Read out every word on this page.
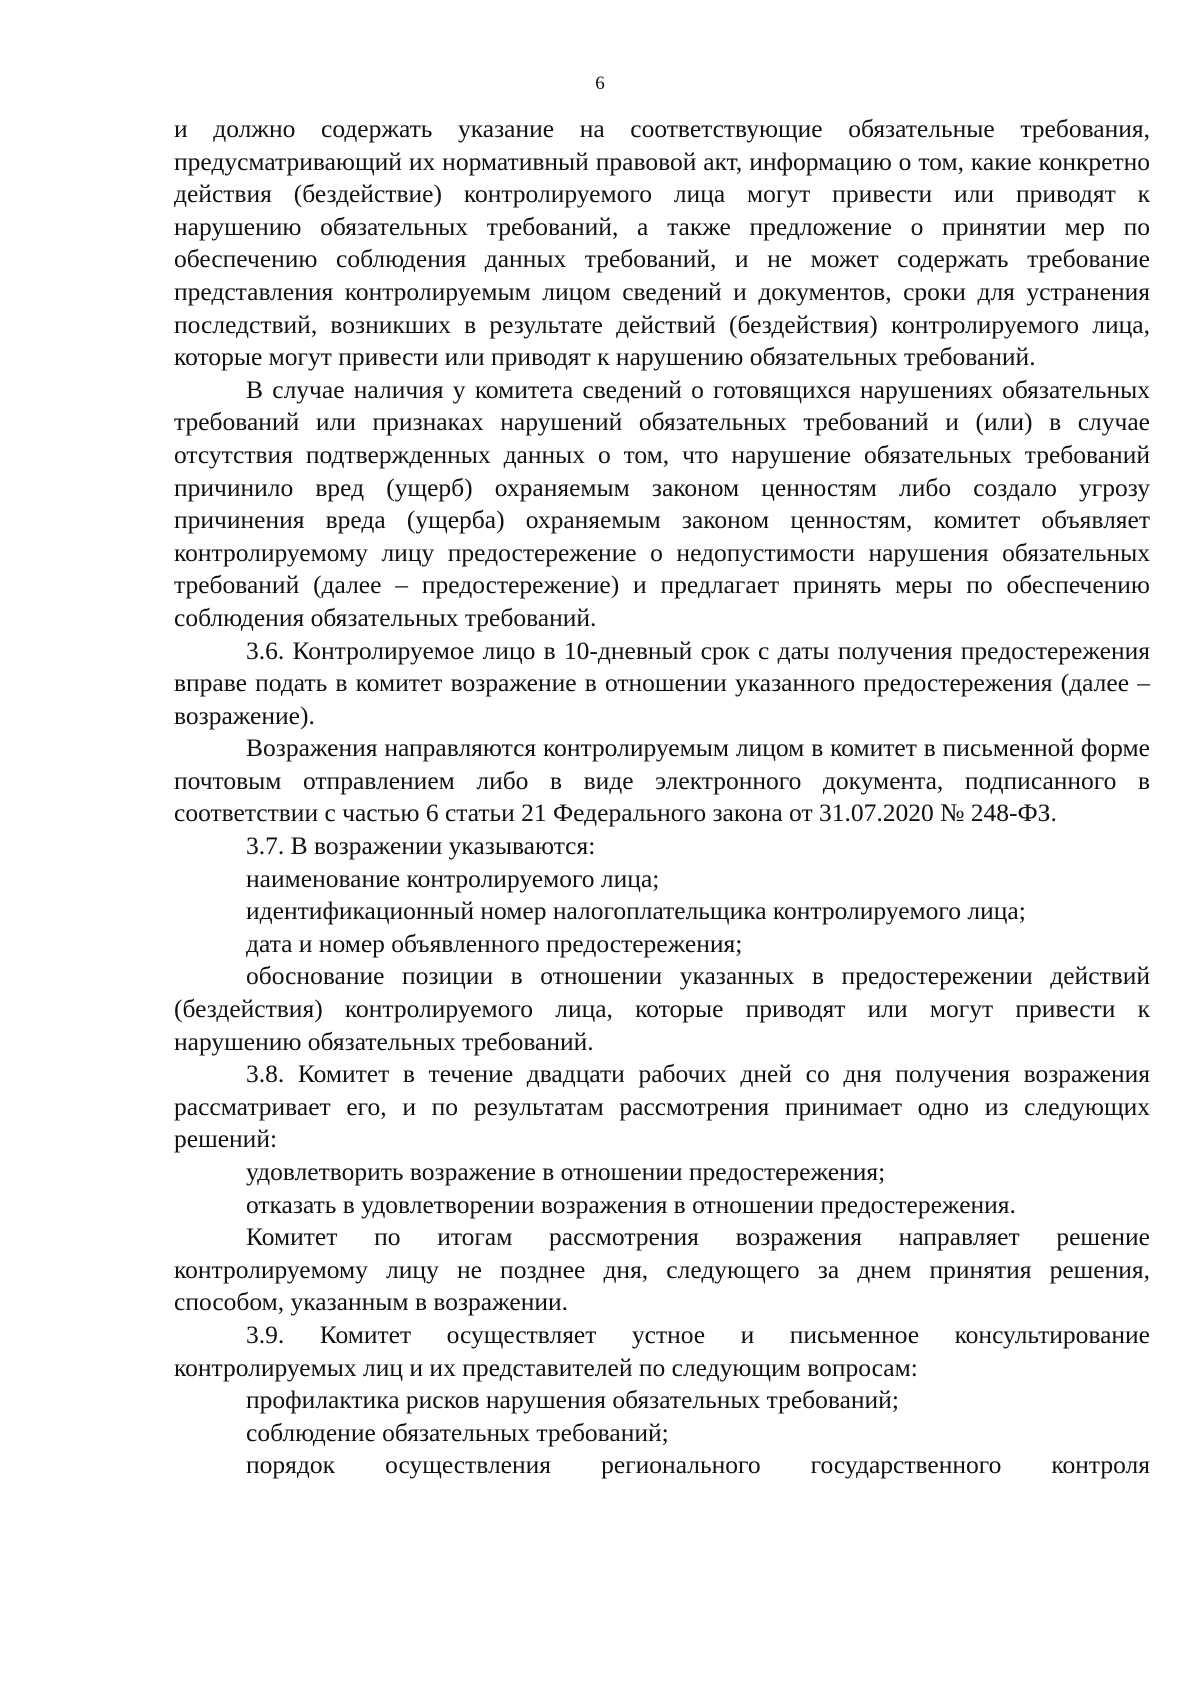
6

и должно содержать указание на соответствующие обязательные требования, предусматривающий их нормативный правовой акт, информацию о том, какие конкретно действия (бездействие) контролируемого лица могут привести или приводят к нарушению обязательных требований, а также предложение о принятии мер по обеспечению соблюдения данных требований, и не может содержать требование представления контролируемым лицом сведений и документов, сроки для устранения последствий, возникших в результате действий (бездействия) контролируемого лица, которые могут привести или приводят к нарушению обязательных требований.

В случае наличия у комитета сведений о готовящихся нарушениях обязательных требований или признаках нарушений обязательных требований и (или) в случае отсутствия подтвержденных данных о том, что нарушение обязательных требований причинило вред (ущерб) охраняемым законом ценностям либо создало угрозу причинения вреда (ущерба) охраняемым законом ценностям, комитет объявляет контролируемому лицу предостережение о недопустимости нарушения обязательных требований (далее – предостережение) и предлагает принять меры по обеспечению соблюдения обязательных требований.

3.6. Контролируемое лицо в 10-дневный срок с даты получения предостережения вправе подать в комитет возражение в отношении указанного предостережения (далее – возражение).

Возражения направляются контролируемым лицом в комитет в письменной форме почтовым отправлением либо в виде электронного документа, подписанного в соответствии с частью 6 статьи 21 Федерального закона от 31.07.2020 № 248-ФЗ.

3.7. В возражении указываются:

наименование контролируемого лица;

идентификационный номер налогоплательщика контролируемого лица;

дата и номер объявленного предостережения;

обоснование позиции в отношении указанных в предостережении действий (бездействия) контролируемого лица, которые приводят или могут привести к нарушению обязательных требований.

3.8. Комитет в течение двадцати рабочих дней со дня получения возражения рассматривает его, и по результатам рассмотрения принимает одно из следующих решений:

удовлетворить возражение в отношении предостережения;

отказать в удовлетворении возражения в отношении предостережения.

Комитет по итогам рассмотрения возражения направляет решение контролируемому лицу не позднее дня, следующего за днем принятия решения, способом, указанным в возражении.

3.9. Комитет осуществляет устное и письменное консультирование контролируемых лиц и их представителей по следующим вопросам:

профилактика рисков нарушения обязательных требований;

соблюдение обязательных требований;

порядок осуществления регионального государственного контроля
